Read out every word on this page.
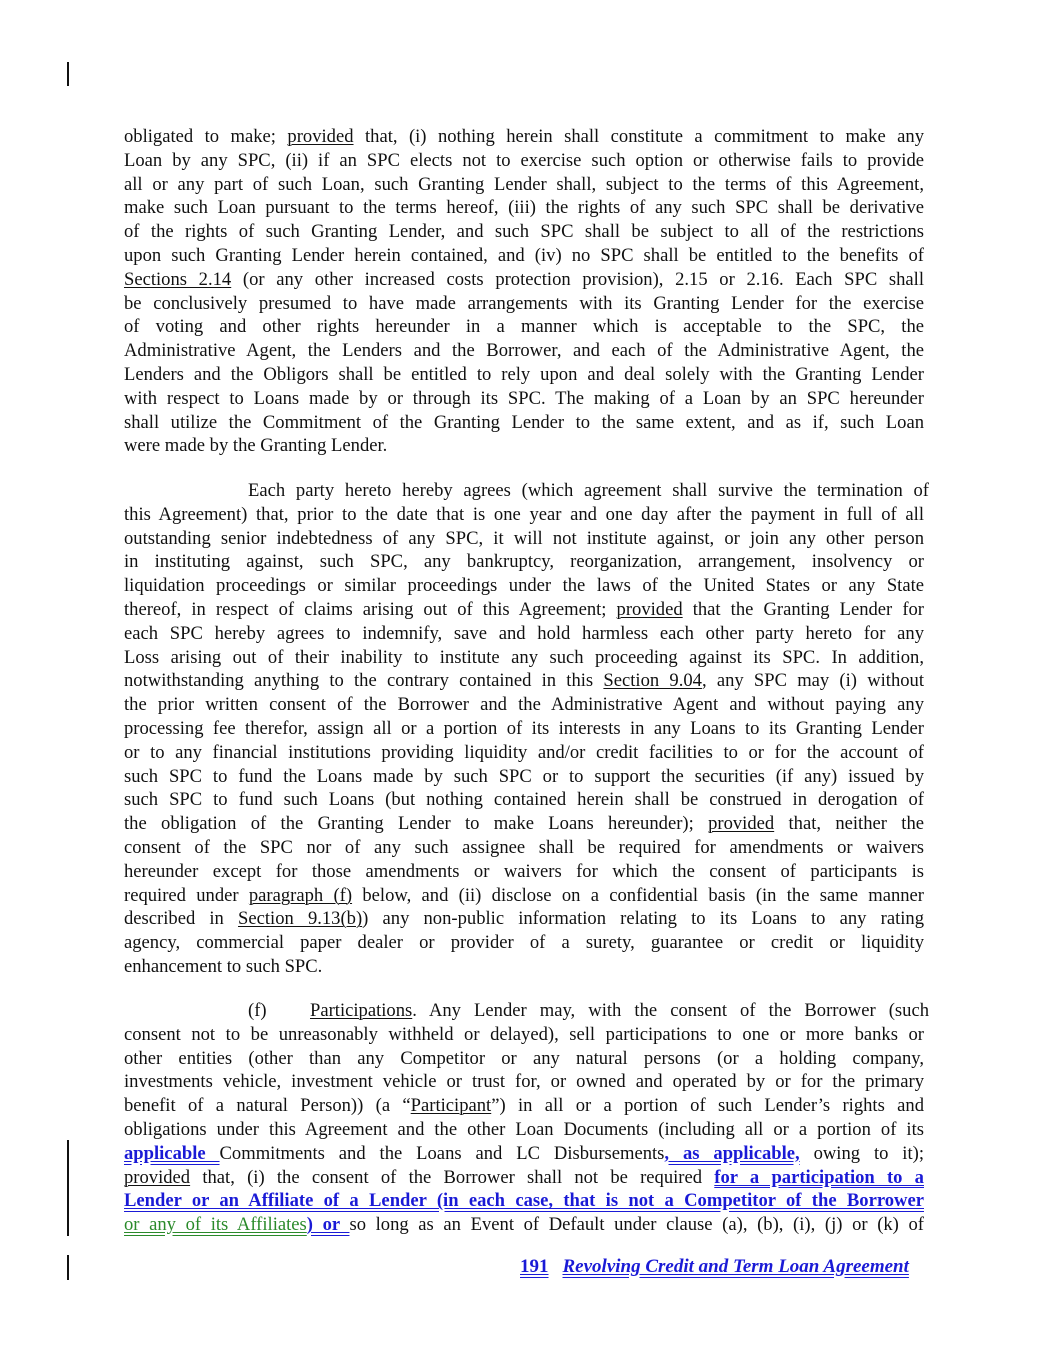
obligated to make; provided that, (i) nothing herein shall constitute a commitment to make any
Loan by any SPC, (ii) if an SPC elects not to exercise such option or otherwise fails to provide
all or any part of such Loan, such Granting Lender shall, subject to the terms of this Agreement,
make such Loan pursuant to the terms hereof, (iii) the rights of any such SPC shall be derivative
of the rights of such Granting Lender, and such SPC shall be subject to all of the restrictions
upon such Granting Lender herein contained, and (iv) no SPC shall be entitled to the benefits of
Sections 2.14 (or any other increased costs protection provision), 2.15 or 2.16. Each SPC shall
be conclusively presumed to have made arrangements with its Granting Lender for the exercise
of voting and other rights hereunder in a manner which is acceptable to the SPC, the
Administrative Agent, the Lenders and the Borrower, and each of the Administrative Agent, the
Lenders and the Obligors shall be entitled to rely upon and deal solely with the Granting Lender
with respect to Loans made by or through its SPC. The making of a Loan by an SPC hereunder
shall utilize the Commitment of the Granting Lender to the same extent, and as if, such Loan
were made by the Granting Lender.
Each party hereto hereby agrees (which agreement shall survive the termination of
this Agreement) that, prior to the date that is one year and one day after the payment in full of all
outstanding senior indebtedness of any SPC, it will not institute against, or join any other person
in instituting against, such SPC, any bankruptcy, reorganization, arrangement, insolvency or
liquidation proceedings or similar proceedings under the laws of the United States or any State
thereof, in respect of claims arising out of this Agreement; provided that the Granting Lender for
each SPC hereby agrees to indemnify, save and hold harmless each other party hereto for any
Loss arising out of their inability to institute any such proceeding against its SPC. In addition,
notwithstanding anything to the contrary contained in this Section 9.04, any SPC may (i) without
the prior written consent of the Borrower and the Administrative Agent and without paying any
processing fee therefor, assign all or a portion of its interests in any Loans to its Granting Lender
or to any financial institutions providing liquidity and/or credit facilities to or for the account of
such SPC to fund the Loans made by such SPC or to support the securities (if any) issued by
such SPC to fund such Loans (but nothing contained herein shall be construed in derogation of
the obligation of the Granting Lender to make Loans hereunder); provided that, neither the
consent of the SPC nor of any such assignee shall be required for amendments or waivers
hereunder except for those amendments or waivers for which the consent of participants is
required under paragraph (f) below, and (ii) disclose on a confidential basis (in the same manner
described in Section 9.13(b)) any non-public information relating to its Loans to any rating
agency, commercial paper dealer or provider of a surety, guarantee or credit or liquidity
enhancement to such SPC.
(f) Participations. Any Lender may, with the consent of the Borrower (such
consent not to be unreasonably withheld or delayed), sell participations to one or more banks or
other entities (other than any Competitor or any natural persons (or a holding company,
investments vehicle, investment vehicle or trust for, or owned and operated by or for the primary
benefit of a natural Person)) (a “Participant”) in all or a portion of such Lender’s rights and
obligations under this Agreement and the other Loan Documents (including all or a portion of its
applicable Commitments and the Loans and LC Disbursements, as applicable, owing to it);
provided that, (i) the consent of the Borrower shall not be required for a participation to a
Lender or an Affiliate of a Lender (in each case, that is not a Competitor of the Borrower
or any of its Affiliates) or so long as an Event of Default under clause (a), (b), (i), (j) or (k) of
191 Revolving Credit and Term Loan Agreement
